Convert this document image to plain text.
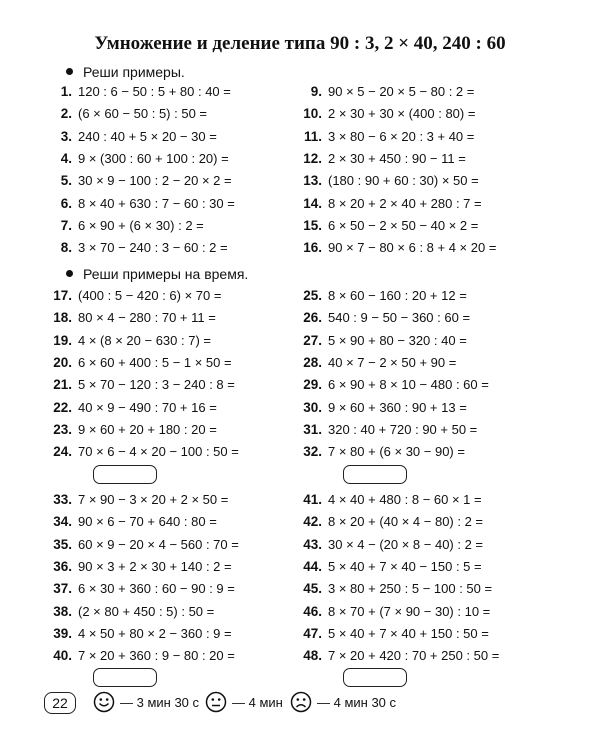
Умножение и деление типа 90 : 3, 2 × 40, 240 : 60
Реши примеры.
1. 120 : 6 − 50 : 5 + 80 : 40 =
2. (6 × 60 − 50 : 5) : 50 =
3. 240 : 40 + 5 × 20 − 30 =
4. 9 × (300 : 60 + 100 : 20) =
5. 30 × 9 − 100 : 2 − 20 × 2 =
6. 8 × 40 + 630 : 7 − 60 : 30 =
7. 6 × 90 + (6 × 30) : 2 =
8. 3 × 70 − 240 : 3 − 60 : 2 =
9. 90 × 5 − 20 × 5 − 80 : 2 =
10. 2 × 30 + 30 × (400 : 80) =
11. 3 × 80 − 6 × 20 : 3 + 40 =
12. 2 × 30 + 450 : 90 − 11 =
13. (180 : 90 + 60 : 30) × 50 =
14. 8 × 20 + 2 × 40 + 280 : 7 =
15. 6 × 50 − 2 × 50 − 40 × 2 =
16. 90 × 7 − 80 × 6 : 8 + 4 × 20 =
Реши примеры на время.
17. (400 : 5 − 420 : 6) × 70 =
18. 80 × 4 − 280 : 70 + 11 =
19. 4 × (8 × 20 − 630 : 7) =
20. 6 × 60 + 400 : 5 − 1 × 50 =
21. 5 × 70 − 120 : 3 − 240 : 8 =
22. 40 × 9 − 490 : 70 + 16 =
23. 9 × 60 + 20 + 180 : 20 =
24. 70 × 6 − 4 × 20 − 100 : 50 =
25. 8 × 60 − 160 : 20 + 12 =
26. 540 : 9 − 50 − 360 : 60 =
27. 5 × 90 + 80 − 320 : 40 =
28. 40 × 7 − 2 × 50 + 90 =
29. 6 × 90 + 8 × 10 − 480 : 60 =
30. 9 × 60 + 360 : 90 + 13 =
31. 320 : 40 + 720 : 90 + 50 =
32. 7 × 80 + (6 × 30 − 90) =
33. 7 × 90 − 3 × 20 + 2 × 50 =
34. 90 × 6 − 70 + 640 : 80 =
35. 60 × 9 − 20 × 4 − 560 : 70 =
36. 90 × 3 + 2 × 30 + 140 : 2 =
37. 6 × 30 + 360 : 60 − 90 : 9 =
38. (2 × 80 + 450 : 5) : 50 =
39. 4 × 50 + 80 × 2 − 360 : 9 =
40. 7 × 20 + 360 : 9 − 80 : 20 =
41. 4 × 40 + 480 : 8 − 60 × 1 =
42. 8 × 20 + (40 × 4 − 80) : 2 =
43. 30 × 4 − (20 × 8 − 40) : 2 =
44. 5 × 40 + 7 × 40 − 150 : 5 =
45. 3 × 80 + 250 : 5 − 100 : 50 =
46. 8 × 70 + (7 × 90 − 30) : 10 =
47. 5 × 40 + 7 × 40 + 150 : 50 =
48. 7 × 20 + 420 : 70 + 250 : 50 =
22	— 3 мин 30 с	— 4 мин	— 4 мин 30 с
